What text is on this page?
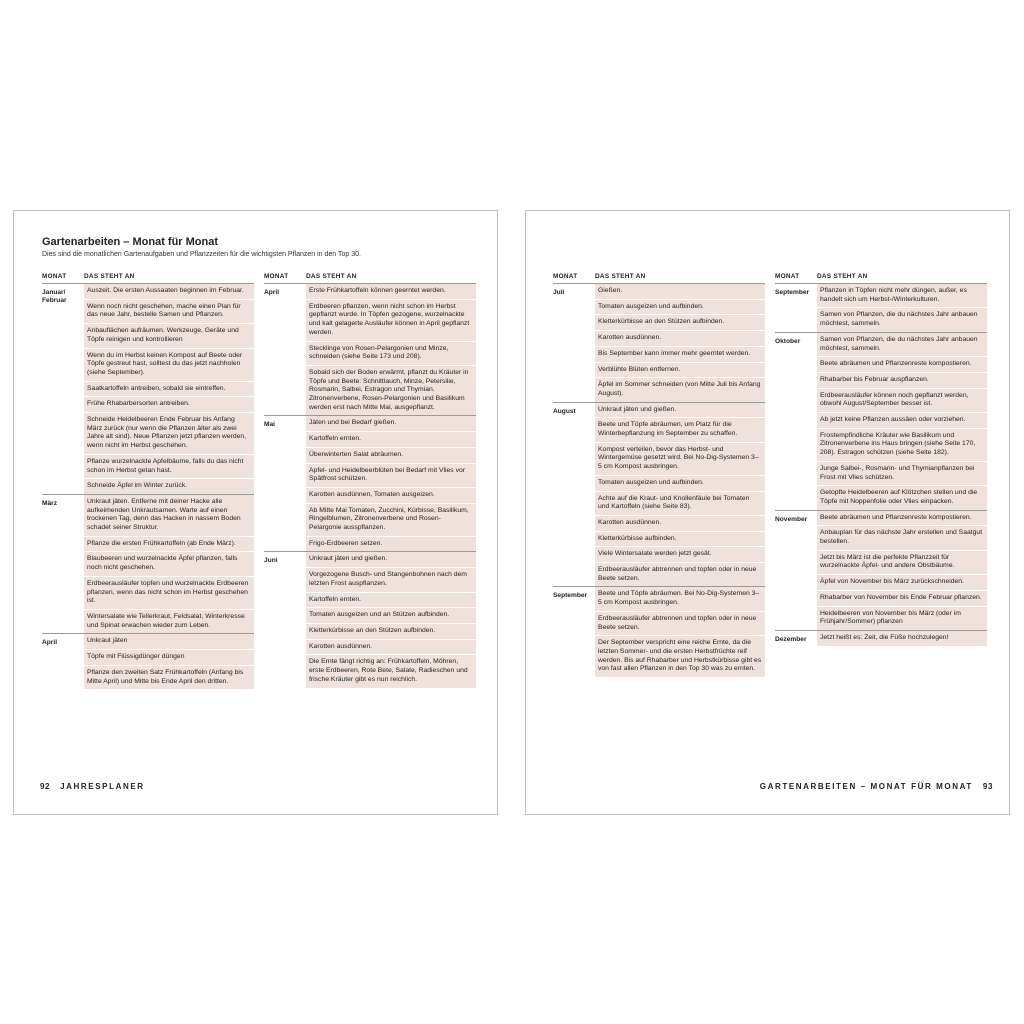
Gartenarbeiten – Monat für Monat
Dies sind die monatlichen Gartenaufgaben und Pflanzzeiten für die wichtigsten Pflanzen in den Top 30.
MONAT	DAS STEHT AN
Januar/ Februar
Auszeit. Die ersten Aussaaten beginnen im Februar.
Wenn noch nicht geschehen, mache einen Plan für das neue Jahr, bestelle Samen und Pflanzen.
Anbauflächen aufräumen. Werkzeuge, Geräte und Töpfe reinigen und kontrollieren
Wenn du im Herbst keinen Kompost auf Beete oder Töpfe gestreut hast, solltest du das jetzt nachholen (siehe September).
Saatkartoffeln antreiben, sobald sie eintreffen.
Frühe Rhabarbersorten antreiben.
Schneide Heidelbeeren Ende Februar bis Anfang März zurück (nur wenn die Pflanzen älter als zwei Jahre alt sind). Neue Pflanzen jetzt pflanzen werden, wenn nicht im Herbst geschehen.
Pflanze wurzelnackte Apfelbäume, falls du das nicht schon im Herbst getan hast.
Schneide Äpfel im Winter zurück.
März	Unkraut jäten. Entferne mit deiner Hacke alle aufkeimenden Unkrautsamen. Warte auf einen trockenen Tag, denn das Hacken in nassem Boden schadet seiner Struktur.
Pflanze die ersten Frühkartoffeln (ab Ende März).
Blaubeeren und wurzelnackte Äpfel pflanzen, falls noch nicht geschehen.
Erdbeerausläufer topfen und wurzelnackte Erdbeeren pflanzen, wenn das nicht schon im Herbst geschehen ist.
Wintersalate wie Tellerkraut, Feldsalat, Winterkresse und Spinat erwachen wieder zum Leben.
April	Unkraut jäten
Töpfe mit Flüssigdünger düngen
Pflanze den zweiten Satz Frühkartoffeln (Anfang bis Mitte April) und Mitte bis Ende April den dritten.
MONAT	DAS STEHT AN
April	Erste Frühkartoffeln können geerntet werden.
Erdbeeren pflanzen, wenn nicht schon im Herbst gepflanzt wurde. In Töpfen gezogene, wurzelnackte und kalt gelagerte Ausläufer können in April gepflanzt werden.
Stecklinge von Rosen-Pelargonien und Minze, schneiden (siehe Seite 173 und 208).
Sobald sich der Boden erwärmt, pflanzt du Kräuter in Töpfe und Beete: Schnittlauch, Minze, Petersilie, Rosmarin, Salbei, Estragon und Thymian. Zitronenverbene, Rosen-Pelargonien und Basilikum werden erst nach Mitte Mai, ausgepflanzt.
Mai	Jäten und bei Bedarf gießen.
Kartoffeln ernten.
Überwinterten Salat abräumen.
Apfel- und Heidelbeerblüten bei Bedarf mit Vlies vor Spätfrost schützen.
Karotten ausdünnen, Tomaten ausgeizen.
Ab Mitte Mai Tomaten, Zucchini, Kürbisse, Basilikum, Ringelblumen, Zitronenverbene und Rosen-Pelargonie ausspflanzen.
Frigo-Erdbeeren setzen.
Juni	Unkraut jäten und gießen.
Vorgezogene Busch- und Stangenbohnen nach dem letzten Frost auspflanzen.
Kartoffeln ernten.
Tomaten ausgeizen und an Stützen aufbinden.
Kletterkürbisse an den Stützen aufbinden.
Karotten ausdünnen.
Die Ernte fängt richtig an: Frühkartoffeln, Möhren, erste Erdbeeren, Rote Bete, Salate, Radieschen und frische Kräuter gibt es nun reichlich.
92 JAHRESPLANER
MONAT	DAS STEHT AN
Juli	Gießen.
Tomaten ausgeizen und aufbinden.
Kletterkürbisse an den Stützen aufbinden.
Karotten ausdünnen.
Bis September kann immer mehr geerntet werden.
Verblühte Blüten entfernen.
Äpfel im Sommer schneiden (von Mitte Juli bis Anfang August).
August	Unkraut jäten und gießen.
Beete und Töpfe abräumen, um Platz für die Winterbepflanzung im September zu schaffen.
Kompost verteilen, bevor das Herbst- und Wintergemüse gesetzt wird. Bei No-Dig-Systemen 3–5 cm Kompost ausbringen.
Tomaten ausgeizen und aufbinden.
Achte auf die Kraut- und Knollenfäule bei Tomaten und Kartoffeln (siehe Seite 83).
Karotten ausdünnen.
Kletterkürbisse aufbinden.
Viele Wintersalate werden jetzt gesät.
Erdbeerausläufer abtrennen und topfen oder in neue Beete setzen.
September	Beete und Töpfe abräumen. Bei No-Dig-Systemen 3–5 cm Kompost ausbringen.
Erdbeerausläufer abtrennen und topfen oder in neue Beete setzen.
Der September verspricht eine reiche Ernte, da die letzten Sommer- und die ersten Herbstfrüchte reif werden. Bis auf Rhabarber und Herbstkürbisse gibt es von fast allen Pflanzen in den Top 30 was zu ernten.
MONAT	DAS STEHT AN
September	Pflanzen in Töpfen nicht mehr düngen, außer, es handelt sich um Herbst-/Winterkulturen.
Samen von Pflanzen, die du nächstes Jahr anbauen möchtest, sammeln.
Oktober	Samen von Pflanzen, die du nächstes Jahr anbauen möchtest, sammeln.
Beete abräumen und Pflanzenreste kompostieren.
Rhabarber bis Februar auspflanzen.
Erdbeerausläufer können noch gepflanzt werden, obwohl August/September besser ist.
Ab jetzt keine Pflanzen aussäen oder vorziehen.
Frostempfindliche Kräuter wie Basilikum und Zitronenverbene ins Haus bringen (siehe Seite 170, 208). Estragon schützen (siehe Seite 182).
Junge Salbei-, Rosmarin- und Thymianpflanzen bei Frost mit Vlies schützen.
Getopfte Heidelbeeren auf Klötzchen stellen und die Töpfe mit Noppenfolie oder Vlies einpacken.
November	Beete abräumen und Pflanzenreste kompostieren.
Anbauplan für das nächste Jahr erstellen und Saatgut bestellen.
Jetzt bis März ist die perfekte Pflanzzeit für wurzelnackte Äpfel- und andere Obstbäume.
Äpfel von November bis März zurückschneiden.
Rhabarber von November bis Ende Februar pflanzen.
Heidelbeeren von November bis März (oder im Frühjahr/Sommer) pflanzen
Dezember	Jetzt heißt es: Zeit, die Füße hochzulegen!
GARTENARBEITEN – MONAT FÜR MONAT 93
